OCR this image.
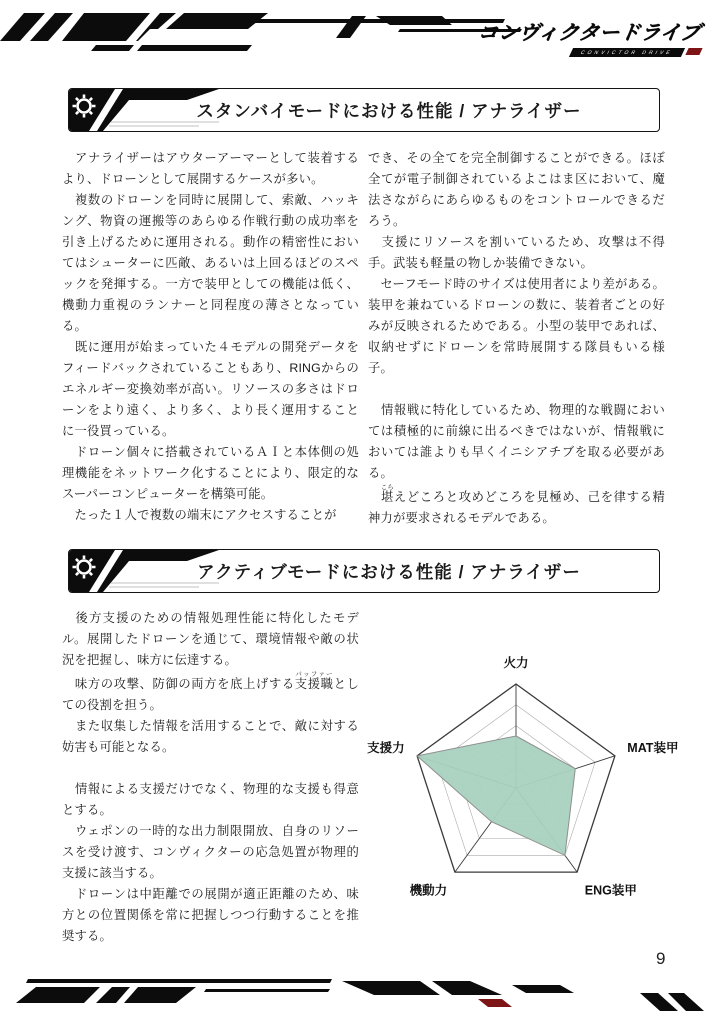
コンヴィクタードライブ
CONVICTOR DRIVE
スタンバイモードにおける性能 / アナライザー

　アナライザーはアウターアーマーとして装着するより、ドローンとして展開するケースが多い。

　複数のドローンを同時に展開して、索敵、ハッキング、物資の運搬等のあらゆる作戦行動の成功率を引き上げるために運用される。動作の精密性においてはシューターに匹敵、あるいは上回るほどのスペックを発揮する。一方で装甲としての機能は低く、機動力重視のランナーと同程度の薄さとなっている。

　既に運用が始まっていた４モデルの開発データをフィードバックされていることもあり、RINGからのエネルギー変換効率が高い。リソースの多さはドローンをより遠く、より多く、より長く運用することに一役買っている。

　ドローン個々に搭載されているＡＩと本体側の処理機能をネットワーク化することにより、限定的なスーパーコンピューターを構築可能。

　たった１人で複数の端末にアクセスすることが

でき、その全てを完全制御することができる。ほぼ全てが電子制御されているよこはま区において、魔法さながらにあらゆるものをコントロールできるだろう。

　支援にリソースを割いているため、攻撃は不得手。武装も軽量の物しか装備できない。

　セーフモード時のサイズは使用者により差がある。装甲を兼ねているドローンの数に、装着者ごとの好みが反映されるためである。小型の装甲であれば、収納せずにドローンを常時展開する隊員もいる様子。

　情報戦に特化しているため、物理的な戦闘においては積極的に前線に出るべきではないが、情報戦においては誰よりも早くイニシアチブを取る必要がある。

　堪こらえどころと攻めどころを見極め、己を律する精神力が要求されるモデルである。

アクティブモードにおける性能 / アナライザー

　後方支援のための情報処理性能に特化したモデル。展開したドローンを通じて、環境情報や敵の状況を把握し、味方に伝達する。

　味方の攻撃、防御の両方を底上げする支援職バッファーとしての役割を担う。

　また収集した情報を活用することで、敵に対する妨害も可能となる。

　情報による支援だけでなく、物理的な支援も得意とする。

　ウェポンの一時的な出力制限開放、自身のリソースを受け渡す、コンヴィクターの応急処置が物理的支援に該当する。

　ドローンは中距離での展開が適正距離のため、味方との位置関係を常に把握しつつ行動することを推奨する。

火力
MAT装甲
ENG装甲
機動力
支援力
9
